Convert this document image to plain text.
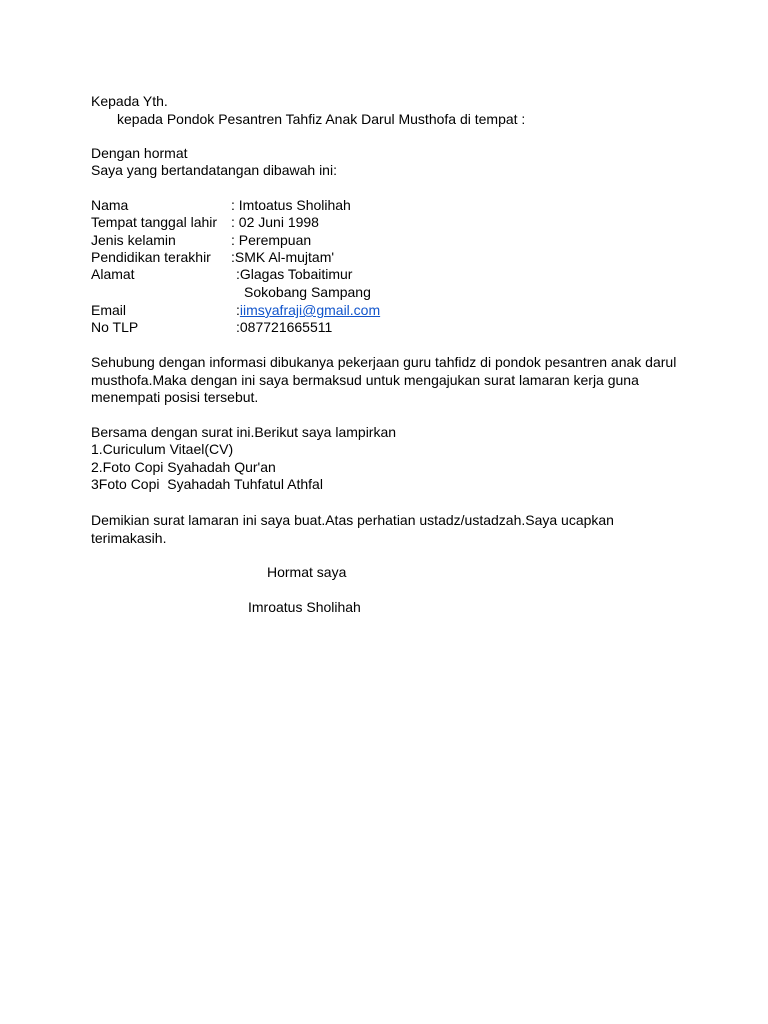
Kepada Yth.
kepada Pondok Pesantren Tahfiz Anak Darul Musthofa di tempat :
Dengan hormat
Saya yang bertandatangan dibawah ini:
Nama	: Imtoatus Sholihah
Tempat tanggal lahir : 02 Juni 1998
Jenis kelamin	: Perempuan
Pendidikan terakhir :SMK Al-mujtam'
Alamat	:Glagas Tobaitimur
Sokobang Sampang
Email	:iimsyafraji@gmail.com
No TLP	:087721665511
Sehubung dengan informasi dibukanya pekerjaan guru tahfidz di pondok pesantren anak darul musthofa.Maka dengan ini saya bermaksud untuk mengajukan surat lamaran kerja guna menempati posisi tersebut.
Bersama dengan surat ini.Berikut saya lampirkan
1.Curiculum Vitael(CV)
2.Foto Copi Syahadah Qur'an
3Foto Copi  Syahadah Tuhfatul Athfal
Demikian surat lamaran ini saya buat.Atas perhatian ustadz/ustadzah.Saya ucapkan terimakasih.
Hormat saya
Imroatus Sholihah
